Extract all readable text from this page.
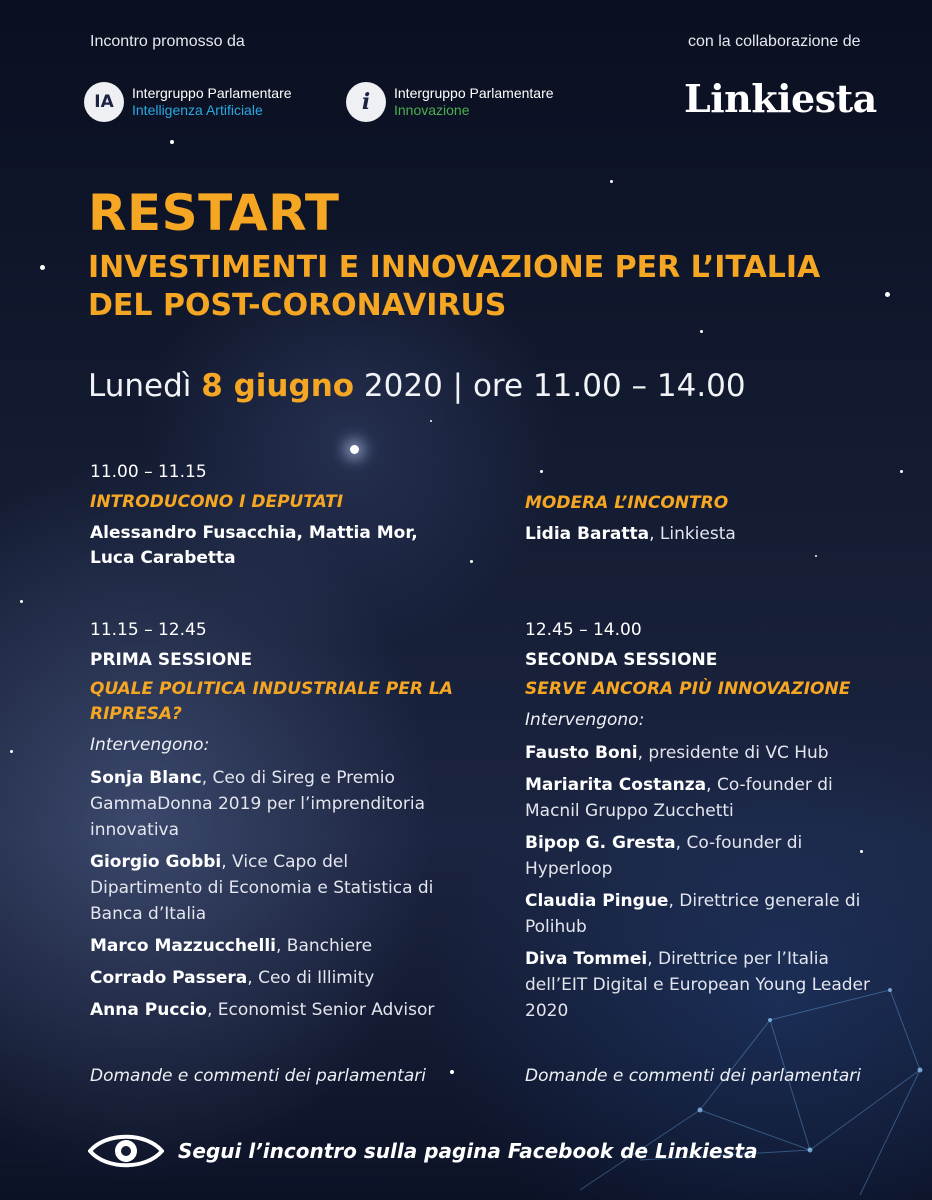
Incontro promosso da	con la collaborazione de
IA	Intergruppo Parlamentare
Intelligenza Artificiale	i	Intergruppo Parlamentare
Innovazione	Linkiesta
RESTART
INVESTIMENTI E INNOVAZIONE PER L’ITALIA
DEL POST-CORONAVIRUS
Lunedì 8 giugno 2020 | ore 11.00 – 14.00
11.00 – 11.15
INTRODUCONO I DEPUTATI
Alessandro Fusacchia, Mattia Mor, Luca Carabetta
MODERA L’INCONTRO
Lidia Baratta, Linkiesta
11.15 – 12.45
PRIMA SESSIONE
QUALE POLITICA INDUSTRIALE PER LA RIPRESA?
Intervengono:
Sonja Blanc, Ceo di Sireg e Premio GammaDonna 2019 per l’imprenditoria innovativa
Giorgio Gobbi, Vice Capo del Dipartimento di Economia e Statistica di Banca d’Italia
Marco Mazzucchelli, Banchiere
Corrado Passera, Ceo di Illimity
Anna Puccio, Economist Senior Advisor
Domande e commenti dei parlamentari
12.45 – 14.00
SECONDA SESSIONE
SERVE ANCORA PIÙ INNOVAZIONE
Intervengono:
Fausto Boni, presidente di VC Hub
Mariarita Costanza, Co-founder di Macnil Gruppo Zucchetti
Bipop G. Gresta, Co-founder di Hyperloop
Claudia Pingue, Direttrice generale di Polihub
Diva Tommei, Direttrice per l’Italia dell’EIT Digital e European Young Leader 2020
Domande e commenti dei parlamentari
Segui l’incontro sulla pagina Facebook de Linkiesta
